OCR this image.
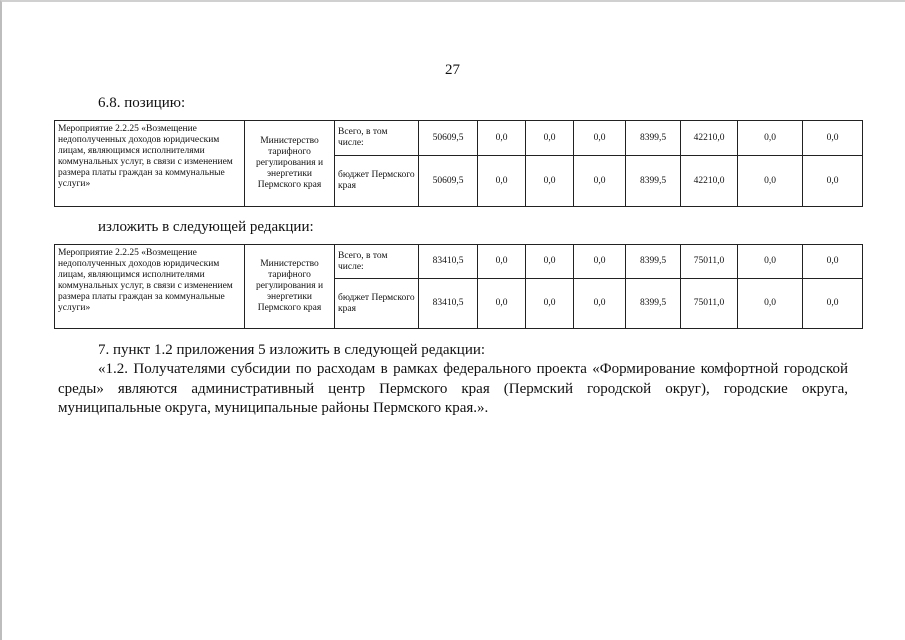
27
6.8. позицию:
Мероприятие 2.2.25 «Возмещение недополученных доходов юридическим лицам, являющимся исполнителями коммунальных услуг, в связи с изменением размера платы граждан за коммунальные услуги»	Министерство тарифного регулирования и энергетики Пермского края	Всего, в том числе:	50609,5	0,0	0,0	0,0	8399,5	42210,0	0,0	0,0
		бюджет Пермского края	50609,5	0,0	0,0	0,0	8399,5	42210,0	0,0	0,0
изложить в следующей редакции:
Мероприятие 2.2.25 «Возмещение недополученных доходов юридическим лицам, являющимся исполнителями коммунальных услуг, в связи с изменением размера платы граждан за коммунальные услуги»	Министерство тарифного регулирования и энергетики Пермского края	Всего, в том числе:	83410,5	0,0	0,0	0,0	8399,5	75011,0	0,0	0,0
		бюджет Пермского края	83410,5	0,0	0,0	0,0	8399,5	75011,0	0,0	0,0

7. пункт 1.2 приложения 5 изложить в следующей редакции:

«1.2. Получателями субсидии по расходам в рамках федерального проекта «Формирование комфортной городской среды» являются административный центр Пермского края (Пермский городской округ), городские округа, муниципальные округа, муниципальные районы Пермского края.».
